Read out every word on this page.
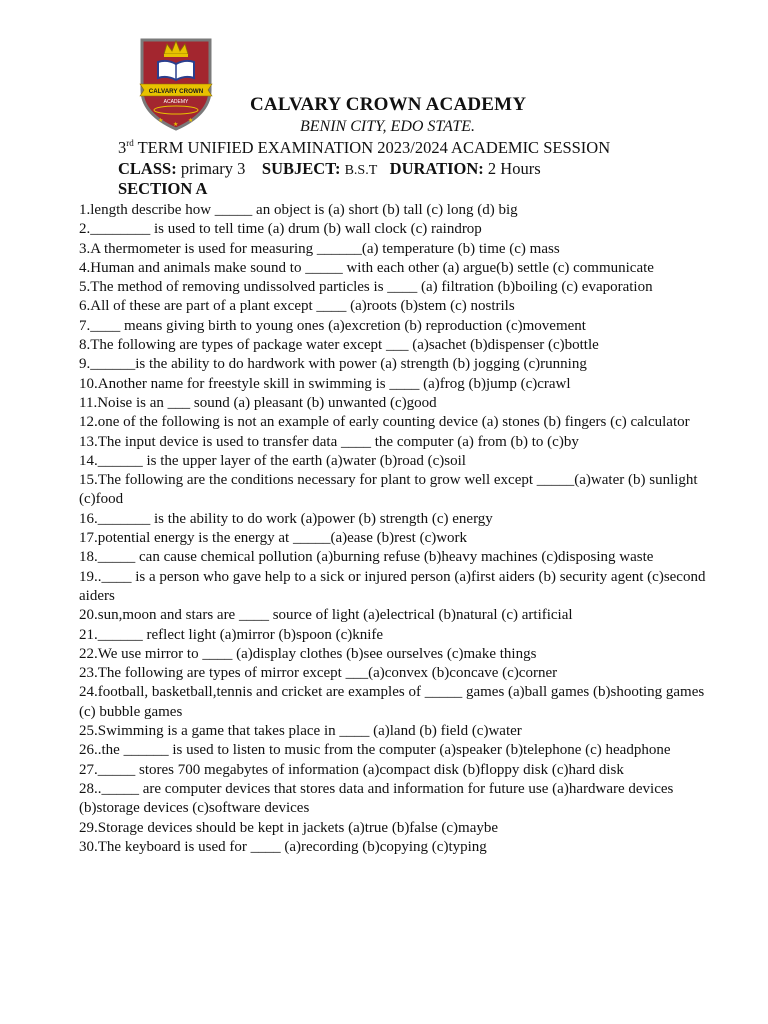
CALVARY CROWN
ACADEMY
★
★
★
CALVARY CROWN ACADEMY
BENIN CITY, EDO STATE.
3rd TERM UNIFIED EXAMINATION 2023/2024 ACADEMIC SESSION
CLASS: primary 3 SUBJECT: B.S.T DURATION: 2 Hours
SECTION A
1.length describe how _____ an object is (a) short (b) tall (c) long (d) big
2.________ is used to tell time (a) drum (b) wall clock (c) raindrop
3.A thermometer is used for measuring ______(a) temperature (b) time (c) mass
4.Human and animals make sound to _____ with each other (a) argue(b) settle (c) communicate
5.The method of removing undissolved particles is ____ (a) filtration (b)boiling (c) evaporation
6.All of these are part of a plant except ____ (a)roots (b)stem (c) nostrils
7.____ means giving birth to young ones (a)excretion (b) reproduction (c)movement
8.The following are types of package water except ___ (a)sachet (b)dispenser (c)bottle
9.______is the ability to do hardwork with power (a) strength (b) jogging (c)running
10.Another name for freestyle skill in swimming is ____ (a)frog (b)jump (c)crawl
11.Noise is an ___ sound (a) pleasant (b) unwanted (c)good
12.one of the following is not an example of early counting device (a) stones (b) fingers (c) calculator
13.The input device is used to transfer data ____ the computer (a) from (b) to (c)by
14.______ is the upper layer of the earth (a)water (b)road (c)soil
15.The following are the conditions necessary for plant to grow well except _____(a)water (b) sunlight (c)food
16._______ is the ability to do work (a)power (b) strength (c) energy
17.potential energy is the energy at _____(a)ease (b)rest (c)work
18._____ can cause chemical pollution (a)burning refuse (b)heavy machines (c)disposing waste
19..____ is a person who gave help to a sick or injured person (a)first aiders (b) security agent (c)second aiders
20.sun,moon and stars are ____ source of light (a)electrical (b)natural (c) artificial
21.______ reflect light (a)mirror (b)spoon (c)knife
22.We use mirror to ____ (a)display clothes (b)see ourselves (c)make things
23.The following are types of mirror except ___(a)convex (b)concave (c)corner
24.football, basketball,tennis and cricket are examples of _____ games (a)ball games (b)shooting games (c) bubble games
25.Swimming is a game that takes place in ____ (a)land (b) field (c)water
26..the ______ is used to listen to music from the computer (a)speaker (b)telephone (c) headphone
27._____ stores 700 megabytes of information (a)compact disk (b)floppy disk (c)hard disk
28.._____ are computer devices that stores data and information for future use (a)hardware devices (b)storage devices (c)software devices
29.Storage devices should be kept in jackets (a)true (b)false (c)maybe
30.The keyboard is used for ____ (a)recording (b)copying (c)typing
